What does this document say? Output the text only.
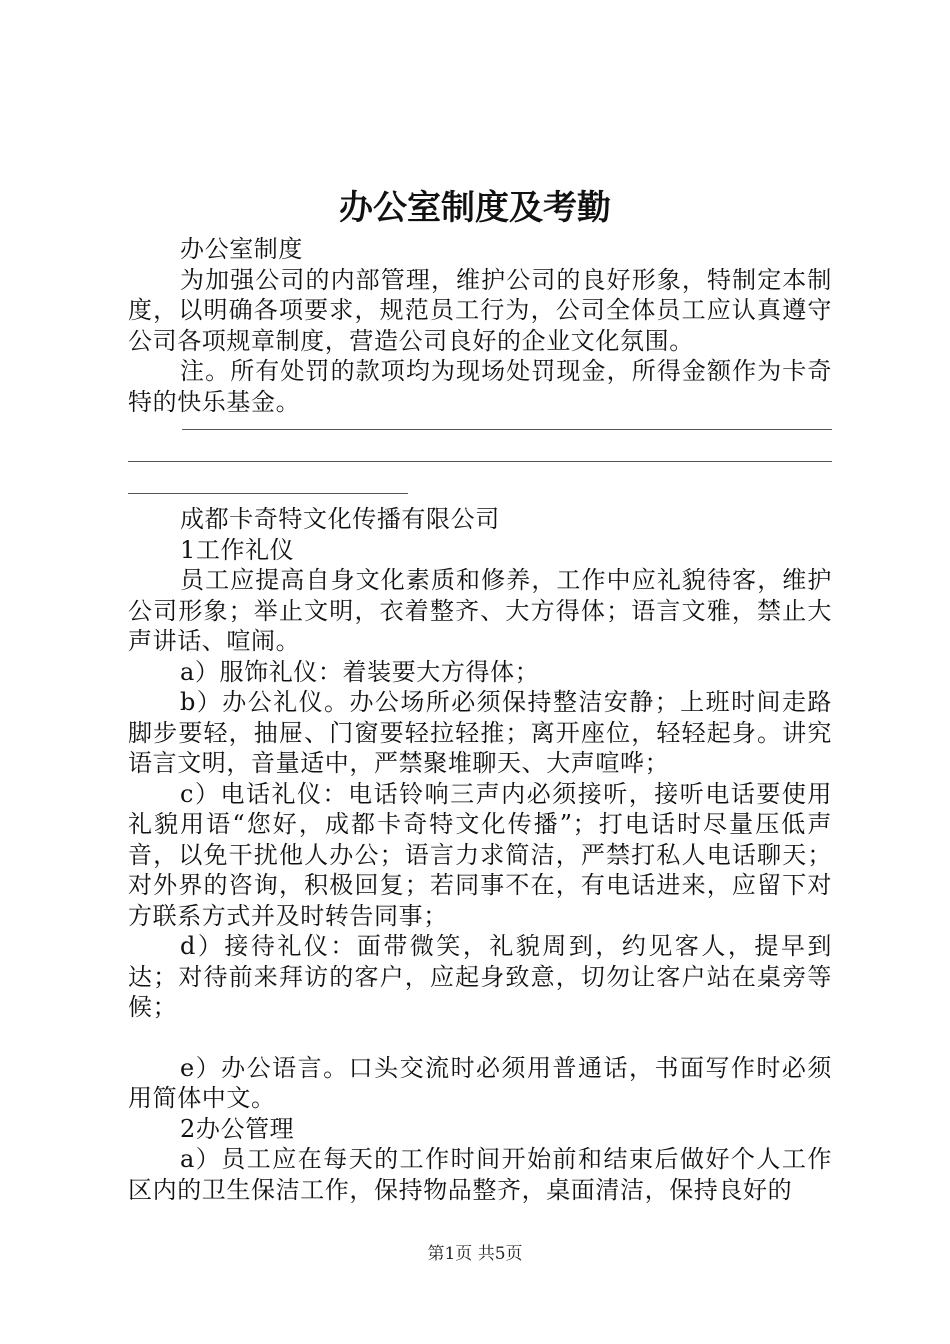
办公室制度及考勤

办公室制度

为加强公司的内部管理，维护公司的良好形象，特制定本制度，以明确各项要求，规范员工行为，公司全体员工应认真遵守公司各项规章制度，营造公司良好的企业文化氛围。

注。所有处罚的款项均为现场处罚现金，所得金额作为卡奇特的快乐基金。

成都卡奇特文化传播有限公司

1工作礼仪

员工应提高自身文化素质和修养，工作中应礼貌待客，维护公司形象；举止文明，衣着整齐、大方得体；语言文雅，禁止大声讲话、喧闹。

a）服饰礼仪：着装要大方得体；

b）办公礼仪。办公场所必须保持整洁安静；上班时间走路脚步要轻，抽屉、门窗要轻拉轻推；离开座位，轻轻起身。讲究语言文明，音量适中，严禁聚堆聊天、大声喧哗；

c）电话礼仪：电话铃响三声内必须接听，接听电话要使用礼貌用语“您好，成都卡奇特文化传播”；打电话时尽量压低声音，以免干扰他人办公；语言力求简洁，严禁打私人电话聊天；对外界的咨询，积极回复；若同事不在，有电话进来，应留下对方联系方式并及时转告同事；

d）接待礼仪：面带微笑，礼貌周到，约见客人，提早到达；对待前来拜访的客户，应起身致意，切勿让客户站在桌旁等候；

e）办公语言。口头交流时必须用普通话，书面写作时必须用简体中文。

2办公管理

a）员工应在每天的工作时间开始前和结束后做好个人工作区内的卫生保洁工作，保持物品整齐，桌面清洁，保持良好的

第1页 共5页
